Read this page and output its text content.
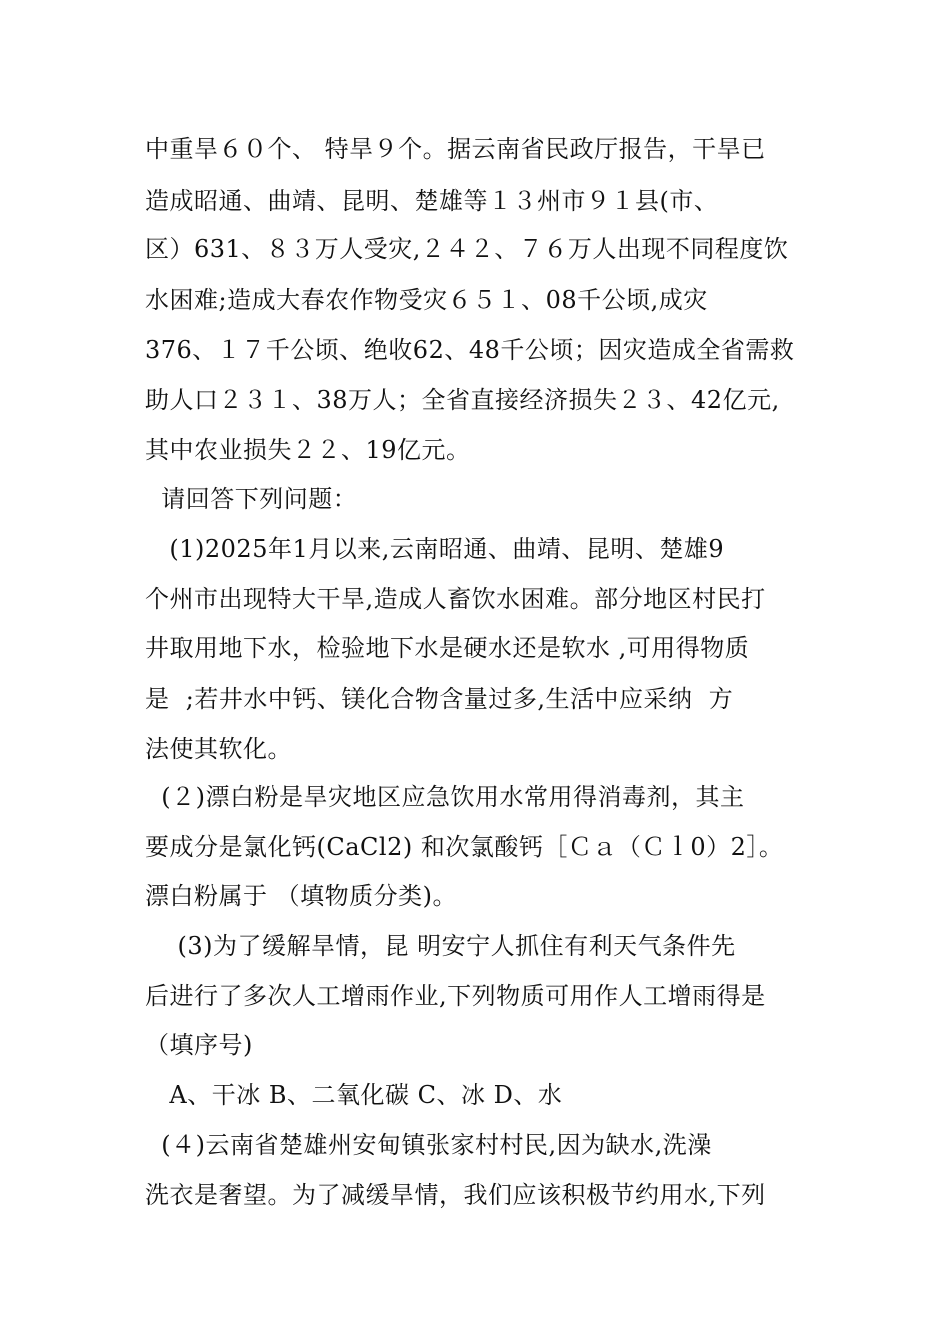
中重旱６０个、 特旱９个。据云南省民政厅报告，干旱已
造成昭通、曲靖、昆明、楚雄等１３州市９１县(市、
区）631、８３万人受灾,２４２、７６万人出现不同程度饮
水困难;造成大春农作物受灾６５１、08千公顷,成灾
376、１７千公顷、绝收62、48千公顷；因灾造成全省需救
助人口２３１、38万人；全省直接经济损失２３、42亿元,
其中农业损失２２、19亿元。
请回答下列问题：
(1)2025年1月以来,云南昭通、曲靖、昆明、楚雄9
个州市出现特大干旱,造成人畜饮水困难。部分地区村民打
井取用地下水，检验地下水是硬水还是软水 ,可用得物质
是  ;若井水中钙、镁化合物含量过多,生活中应采纳  方
法使其软化。
(２)漂白粉是旱灾地区应急饮用水常用得消毒剂，其主
要成分是氯化钙(CaCl2) 和次氯酸钙［Ｃａ（Ｃｌ0）2］。
漂白粉属于 （填物质分类)。
(3)为了缓解旱情，昆 明安宁人抓住有利天气条件先
后进行了多次人工增雨作业,下列物质可用作人工增雨得是
（填序号)
A、干冰 B、二氧化碳 C、冰 D、水
(４)云南省楚雄州安甸镇张家村村民,因为缺水,洗澡
洗衣是奢望。为了减缓旱情，我们应该积极节约用水,下列
